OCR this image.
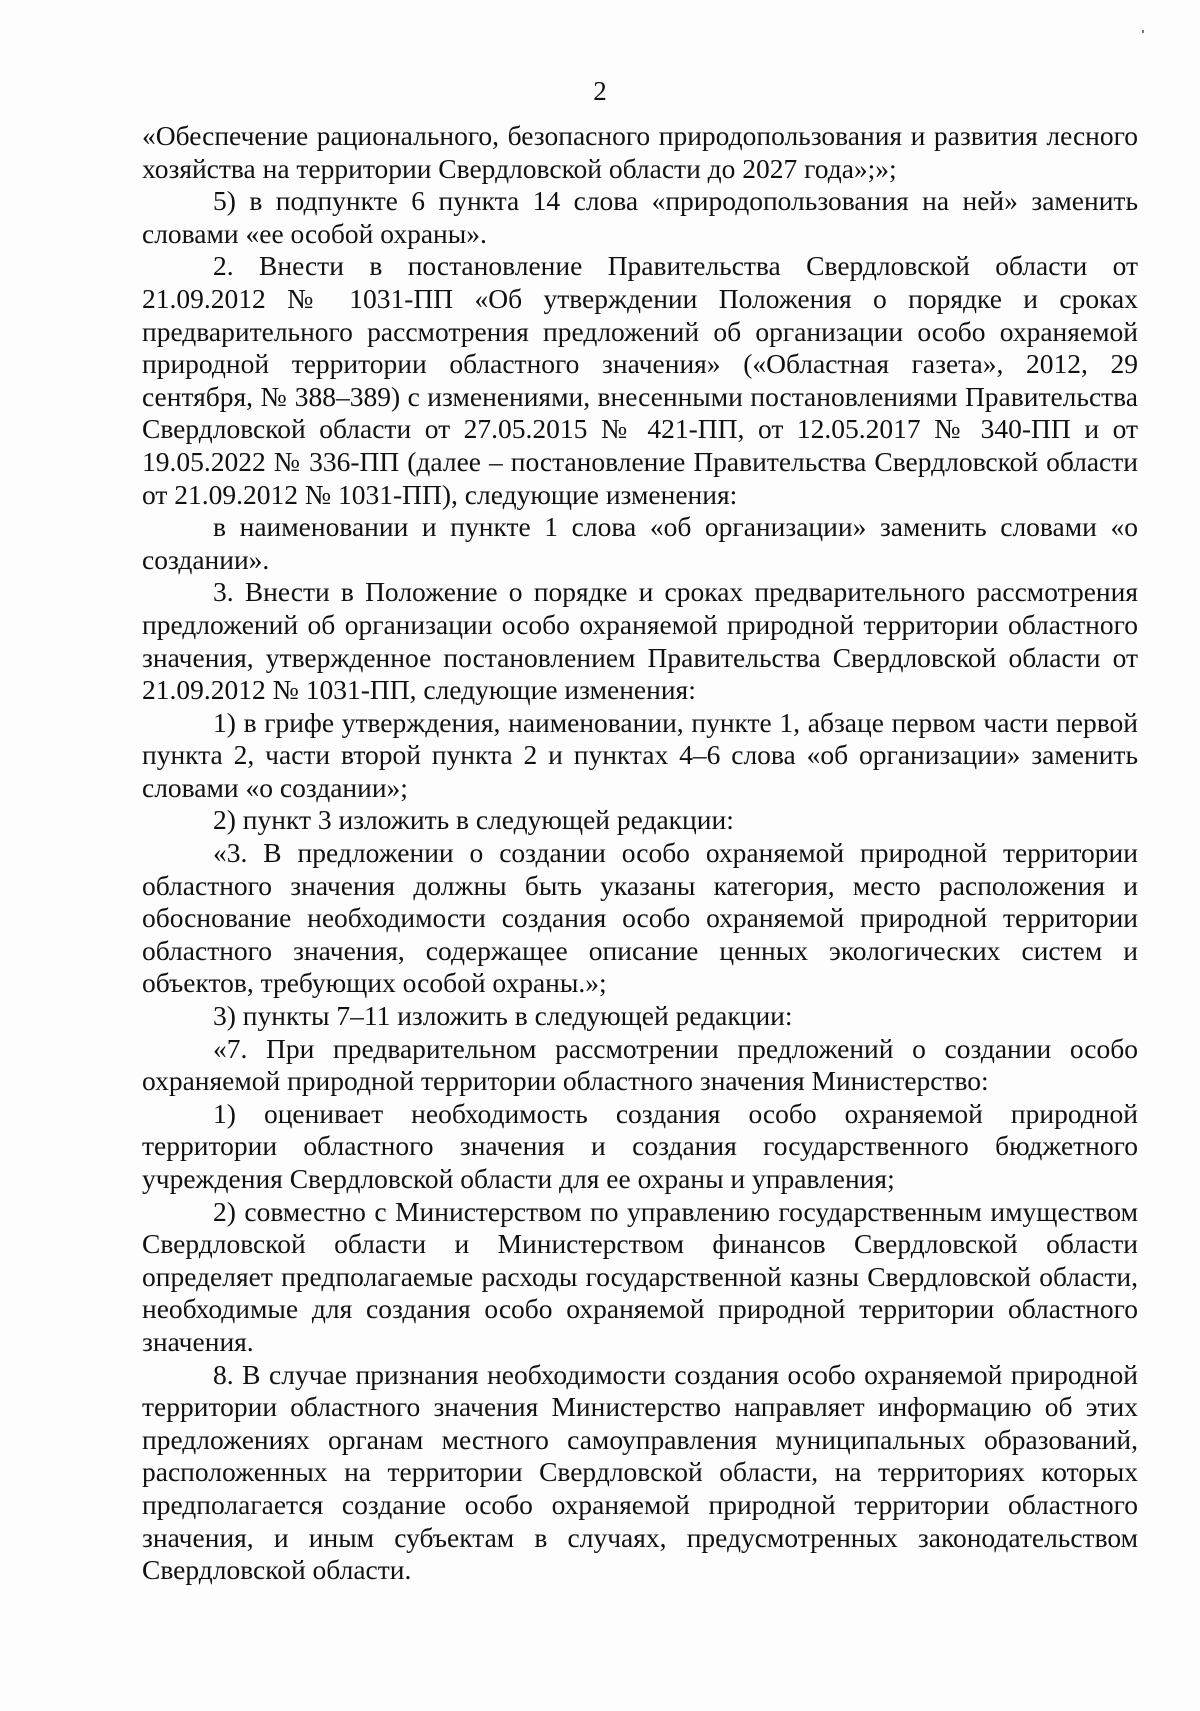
2

«Обеспечение рационального, безопасного природопользования и развития лесного хозяйства на территории Свердловской области до 2027 года»;»;

5) в подпункте 6 пункта 14 слова «природопользования на ней» заменить словами «ее особой охраны».

2. Внести в постановление Правительства Свердловской области от 21.09.2012 № 1031-ПП «Об утверждении Положения о порядке и сроках предварительного рассмотрения предложений об организации особо охраняемой природной территории областного значения» («Областная газета», 2012, 29 сентября, № 388–389) с изменениями, внесенными постановлениями Правительства Свердловской области от 27.05.2015 № 421-ПП, от 12.05.2017 № 340-ПП и от 19.05.2022 № 336-ПП (далее – постановление Правительства Свердловской области от 21.09.2012 № 1031-ПП), следующие изменения:

в наименовании и пункте 1 слова «об организации» заменить словами «о создании».

3. Внести в Положение о порядке и сроках предварительного рассмотрения предложений об организации особо охраняемой природной территории областного значения, утвержденное постановлением Правительства Свердловской области от 21.09.2012 № 1031-ПП, следующие изменения:

1) в грифе утверждения, наименовании, пункте 1, абзаце первом части первой пункта 2, части второй пункта 2 и пунктах 4–6 слова «об организации» заменить словами «о создании»;

2) пункт 3 изложить в следующей редакции:

«3. В предложении о создании особо охраняемой природной территории областного значения должны быть указаны категория, место расположения и обоснование необходимости создания особо охраняемой природной территории областного значения, содержащее описание ценных экологических систем и объектов, требующих особой охраны.»;

3) пункты 7–11 изложить в следующей редакции:

«7. При предварительном рассмотрении предложений о создании особо охраняемой природной территории областного значения Министерство:

1) оценивает необходимость создания особо охраняемой природной территории областного значения и создания государственного бюджетного учреждения Свердловской области для ее охраны и управления;

2) совместно с Министерством по управлению государственным имуществом Свердловской области и Министерством финансов Свердловской области определяет предполагаемые расходы государственной казны Свердловской области, необходимые для создания особо охраняемой природной территории областного значения.

8. В случае признания необходимости создания особо охраняемой природной территории областного значения Министерство направляет информацию об этих предложениях органам местного самоуправления муниципальных образований, расположенных на территории Свердловской области, на территориях которых предполагается создание особо охраняемой природной территории областного значения, и иным субъектам в случаях, предусмотренных законодательством Свердловской области.
